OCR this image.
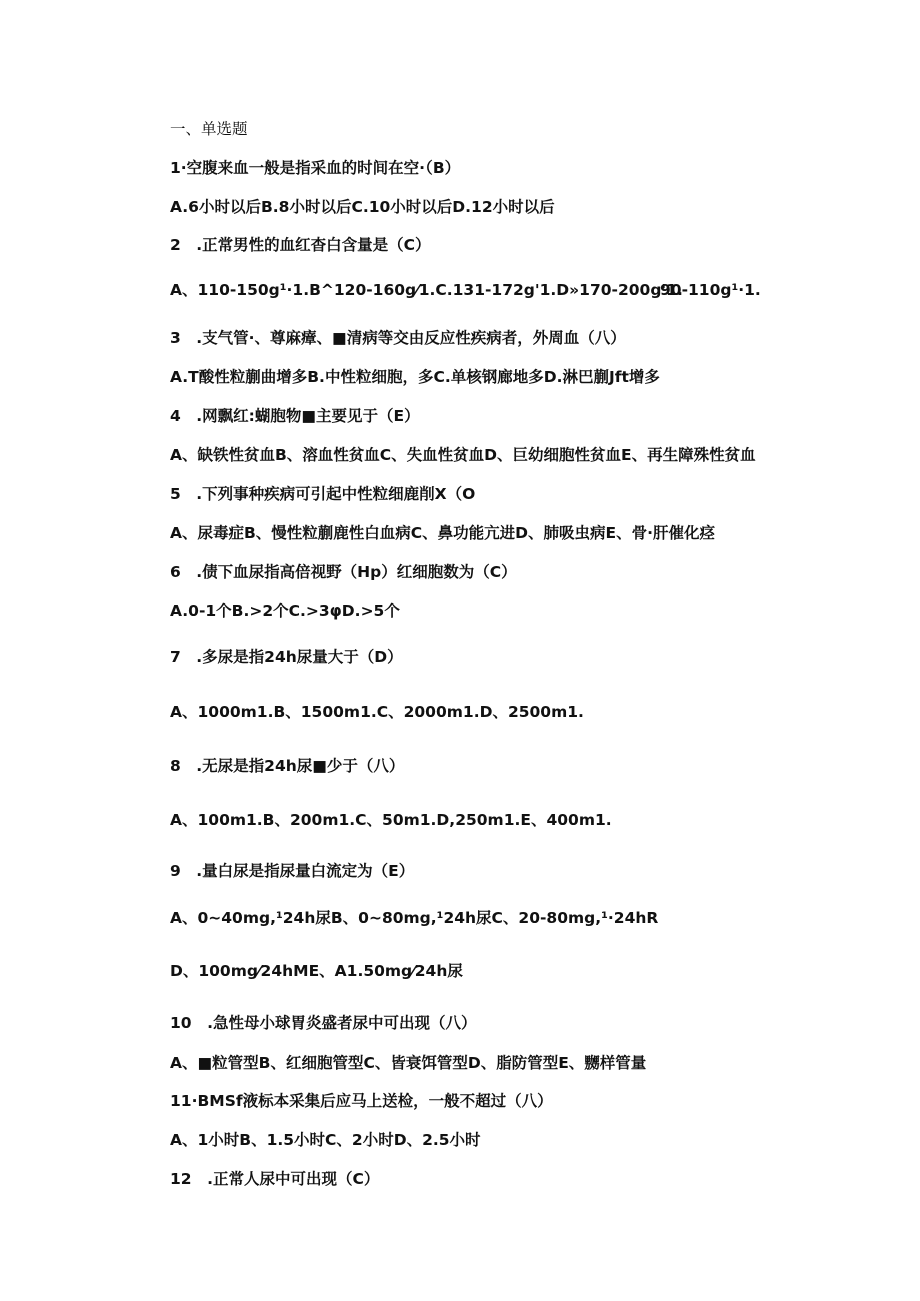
一、单选题

1·空腹来血一般是指采血的时间在空·（B）

A.6小时以后B.8小时以后C.10小时以后D.12小时以后

2　.正常男性的血红杳白含量是（C）

A、110-150g¹·1.B^120-160g⁄1.C.131-172g'1.D»170-200g'1.

90-110g¹·1.

3　.支气管·、尊麻瘴、■清病等交由反应性疾病者，外周血（八）

A.T酸性粒蒯曲增多B.中性粒细胞，多C.单核钢廊地多D.淋巴蒯Jft增多

4　.网飘红:蝴胞物■主要见于（E）

A、缺铁性贫血B、溶血性贫血C、失血性贫血D、巨幼细胞性贫血E、再生障殊性贫血

5　.下列事种疾病可引起中性粒细鹿削X（O

A、尿毒症B、慢性粒蒯鹿性白血病C、鼻功能亢进D、肺吸虫病E、骨·肝催化痉

6　.债下血尿指高倍视野（Hp）红细胞数为（C）

A.0-1个B.>2个C.>3φD.>5个

7　.多尿是指24h尿量大于（D）

A、1000m1.B、1500m1.C、2000m1.D、2500m1.

8　.无尿是指24h尿■少于（八）

A、100m1.B、200m1.C、50m1.D,250m1.E、400m1.

9　.量白尿是指尿量白流定为（E）

A、0~40mg,¹24h尿B、0~80mg,¹24h尿C、20-80mg,¹·24hR

D、100mg⁄24hME、A1.50mg⁄24h尿

10　.急性母小球胃炎盛者尿中可出现（八）

A、■粒管型B、红细胞管型C、皆衰饵管型D、脂防管型E、嬲样管量

11·BMSf液标本采集后应马上送检，一般不超过（八）

A、1小时B、1.5小时C、2小时D、2.5小时

12　.正常人尿中可出现（C）
